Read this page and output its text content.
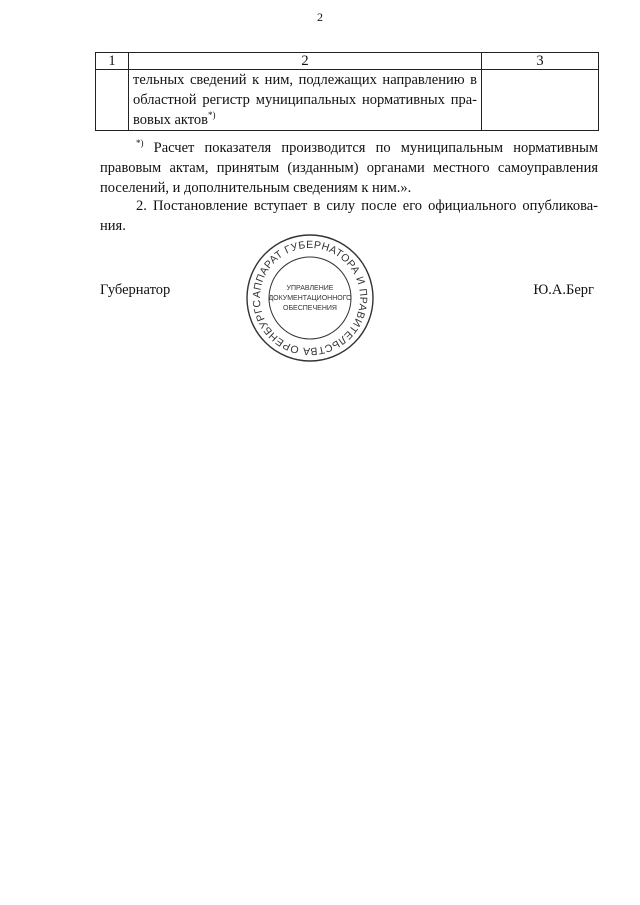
2
1	2	3

	тельных сведений к ним, подлежащих направлению в
областной регистр муниципальных нормативных пра-
вовых актов*)

*) Расчет показателя производится по муниципальным нормативным
правовым актам, принятым (изданным) органами местного самоуправления
поселений, и дополнительным сведениям к ним.».
2. Постановление вступает в силу после его официального опубликова-
ния.
Губернатор	Ю.А.Берг
АППАРАТ ГУБЕРНАТОРА И ПРАВИТЕЛЬСТВА ОРЕНБУРГС
УПРАВЛЕНИЕ
ДОКУМЕНТАЦИОННОГО
ОБЕСПЕЧЕНИЯ
